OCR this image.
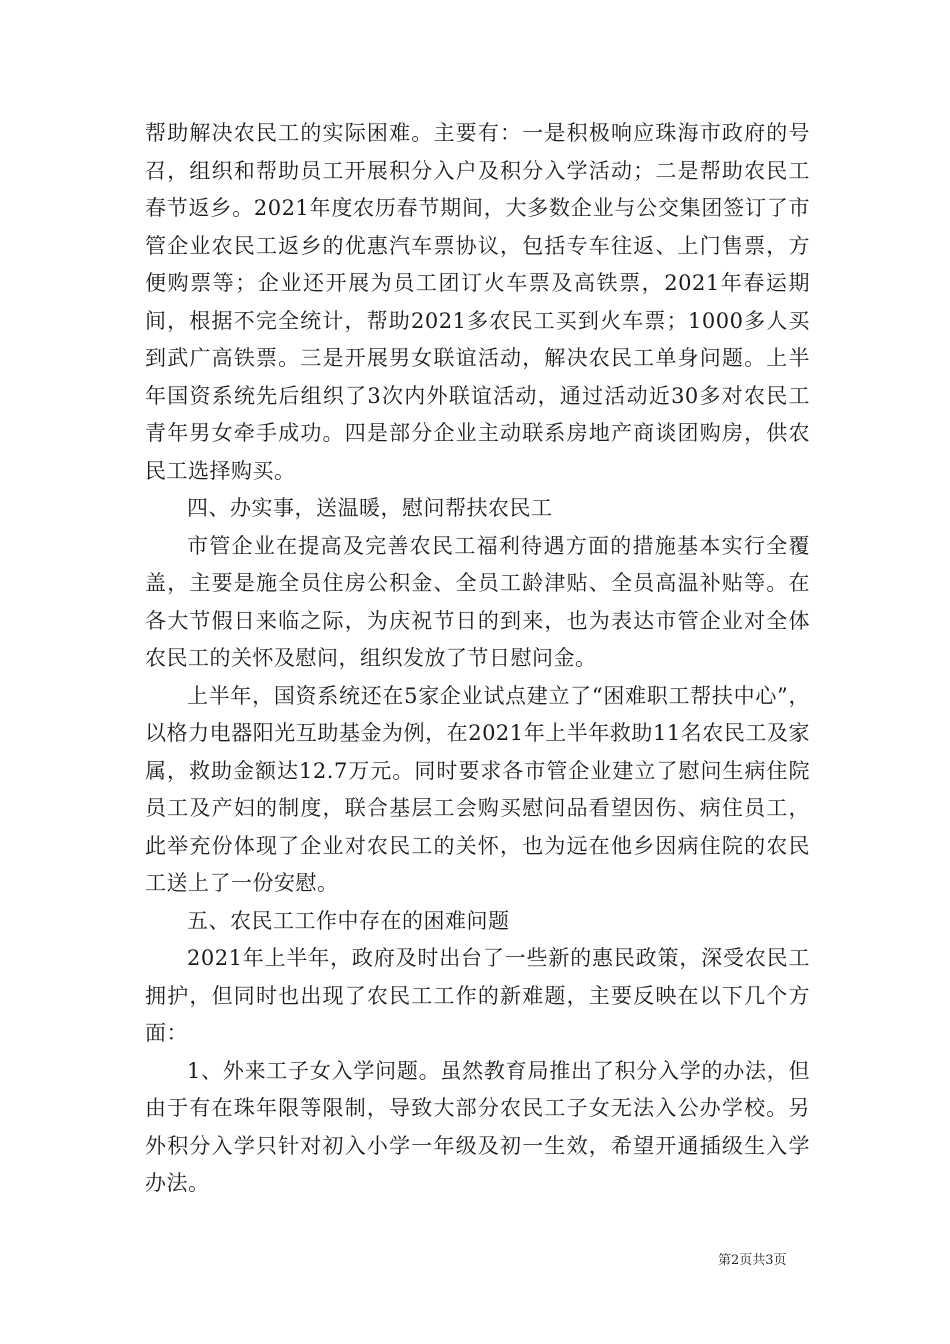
帮助解决农民工的实际困难。主要有：一是积极响应珠海市政府的号召，组织和帮助员工开展积分入户及积分入学活动；二是帮助农民工春节返乡。2021年度农历春节期间，大多数企业与公交集团签订了市管企业农民工返乡的优惠汽车票协议，包括专车往返、上门售票，方便购票等；企业还开展为员工团订火车票及高铁票，2021年春运期间，根据不完全统计，帮助2021多农民工买到火车票；1000多人买到武广高铁票。三是开展男女联谊活动，解决农民工单身问题。上半年国资系统先后组织了3次内外联谊活动，通过活动近30多对农民工青年男女牵手成功。四是部分企业主动联系房地产商谈团购房，供农民工选择购买。

四、办实事，送温暖，慰问帮扶农民工

市管企业在提高及完善农民工福利待遇方面的措施基本实行全覆盖，主要是施全员住房公积金、全员工龄津贴、全员高温补贴等。在各大节假日来临之际，为庆祝节日的到来，也为表达市管企业对全体农民工的关怀及慰问，组织发放了节日慰问金。

上半年，国资系统还在5家企业试点建立了“困难职工帮扶中心”，以格力电器阳光互助基金为例，在2021年上半年救助11名农民工及家属，救助金额达12.7万元。同时要求各市管企业建立了慰问生病住院员工及产妇的制度，联合基层工会购买慰问品看望因伤、病住员工，此举充份体现了企业对农民工的关怀，也为远在他乡因病住院的农民工送上了一份安慰。

五、农民工工作中存在的困难问题

2021年上半年，政府及时出台了一些新的惠民政策，深受农民工拥护，但同时也出现了农民工工作的新难题，主要反映在以下几个方面：

1、外来工子女入学问题。虽然教育局推出了积分入学的办法，但由于有在珠年限等限制，导致大部分农民工子女无法入公办学校。另外积分入学只针对初入小学一年级及初一生效，希望开通插级生入学办法。

第2页共3页
